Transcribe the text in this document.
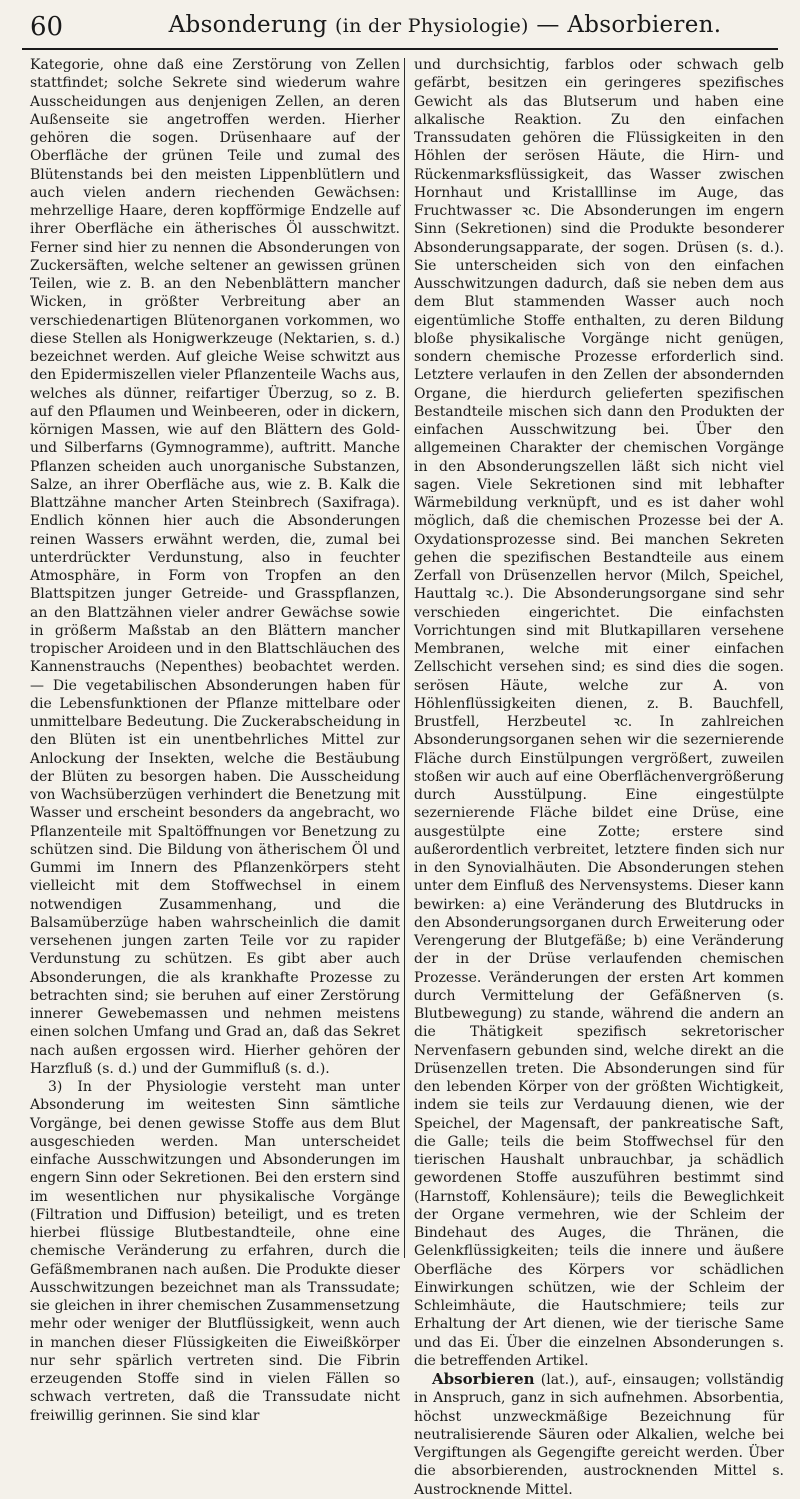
60	Absonderung (in der Physiologie) — Absorbieren.

Kategorie, ohne daß eine Zerstörung von Zellen stattfindet; solche Sekrete sind wiederum wahre Ausscheidungen aus denjenigen Zellen, an deren Außenseite sie angetroffen werden. Hierher gehören die sogen. Drüsenhaare auf der Oberfläche der grünen Teile und zumal des Blütenstands bei den meisten Lippenblütlern und auch vielen andern riechenden Gewächsen: mehrzellige Haare, deren kopfförmige Endzelle auf ihrer Oberfläche ein ätherisches Öl ausschwitzt. Ferner sind hier zu nennen die Absonderungen von Zuckersäften, welche seltener an gewissen grünen Teilen, wie z. B. an den Nebenblättern mancher Wicken, in größter Verbreitung aber an verschiedenartigen Blütenorganen vorkommen, wo diese Stellen als Honigwerkzeuge (Nektarien, s. d.) bezeichnet werden. Auf gleiche Weise schwitzt aus den Epidermiszellen vieler Pflanzenteile Wachs aus, welches als dünner, reifartiger Überzug, so z. B. auf den Pflaumen und Weinbeeren, oder in dickern, körnigen Massen, wie auf den Blättern des Gold- und Silberfarns (Gymnogramme), auftritt. Manche Pflanzen scheiden auch unorganische Substanzen, Salze, an ihrer Oberfläche aus, wie z. B. Kalk die Blattzähne mancher Arten Steinbrech (Saxifraga). Endlich können hier auch die Absonderungen reinen Wassers erwähnt werden, die, zumal bei unterdrückter Verdunstung, also in feuchter Atmosphäre, in Form von Tropfen an den Blattspitzen junger Getreide- und Grasspflanzen, an den Blattzähnen vieler andrer Gewächse sowie in größerm Maßstab an den Blättern mancher tropischer Aroideen und in den Blattschläuchen des Kannenstrauchs (Nepenthes) beobachtet werden. — Die vegetabilischen Absonderungen haben für die Lebensfunktionen der Pflanze mittelbare oder unmittelbare Bedeutung. Die Zuckerabscheidung in den Blüten ist ein unentbehrliches Mittel zur Anlockung der Insekten, welche die Bestäubung der Blüten zu besorgen haben. Die Ausscheidung von Wachsüberzügen verhindert die Benetzung mit Wasser und erscheint besonders da angebracht, wo Pflanzenteile mit Spaltöffnungen vor Benetzung zu schützen sind. Die Bildung von ätherischem Öl und Gummi im Innern des Pflanzenkörpers steht vielleicht mit dem Stoffwechsel in einem notwendigen Zusammenhang, und die Balsamüberzüge haben wahrscheinlich die damit versehenen jungen zarten Teile vor zu rapider Verdunstung zu schützen. Es gibt aber auch Absonderungen, die als krankhafte Prozesse zu betrachten sind; sie beruhen auf einer Zerstörung innerer Gewebemassen und nehmen meistens einen solchen Umfang und Grad an, daß das Sekret nach außen ergossen wird. Hierher gehören der Harzfluß (s. d.) und der Gummifluß (s. d.).

3) In der Physiologie versteht man unter Absonderung im weitesten Sinn sämtliche Vorgänge, bei denen gewisse Stoffe aus dem Blut ausgeschieden werden. Man unterscheidet einfache Ausschwitzungen und Absonderungen im engern Sinn oder Sekretionen. Bei den erstern sind im wesentlichen nur physikalische Vorgänge (Filtration und Diffusion) beteiligt, und es treten hierbei flüssige Blutbestandteile, ohne eine chemische Veränderung zu erfahren, durch die Gefäßmembranen nach außen. Die Produkte dieser Ausschwitzungen bezeichnet man als Transsudate; sie gleichen in ihrer chemischen Zusammensetzung mehr oder weniger der Blutflüssigkeit, wenn auch in manchen dieser Flüssigkeiten die Eiweißkörper nur sehr spärlich vertreten sind. Die Fibrin erzeugenden Stoffe sind in vielen Fällen so schwach vertreten, daß die Transsudate nicht freiwillig gerinnen. Sie sind klar

und durchsichtig, farblos oder schwach gelb gefärbt, besitzen ein geringeres spezifisches Gewicht als das Blutserum und haben eine alkalische Reaktion. Zu den einfachen Transsudaten gehören die Flüssigkeiten in den Höhlen der serösen Häute, die Hirn- und Rückenmarksflüssigkeit, das Wasser zwischen Hornhaut und Kristalllinse im Auge, das Fruchtwasser ꝛc. Die Absonderungen im engern Sinn (Sekretionen) sind die Produkte besonderer Absonderungsapparate, der sogen. Drüsen (s. d.). Sie unterscheiden sich von den einfachen Ausschwitzungen dadurch, daß sie neben dem aus dem Blut stammenden Wasser auch noch eigentümliche Stoffe enthalten, zu deren Bildung bloße physikalische Vorgänge nicht genügen, sondern chemische Prozesse erforderlich sind. Letztere verlaufen in den Zellen der absondernden Organe, die hierdurch gelieferten spezifischen Bestandteile mischen sich dann den Produkten der einfachen Ausschwitzung bei. Über den allgemeinen Charakter der chemischen Vorgänge in den Absonderungszellen läßt sich nicht viel sagen. Viele Sekretionen sind mit lebhafter Wärmebildung verknüpft, und es ist daher wohl möglich, daß die chemischen Prozesse bei der A. Oxydationsprozesse sind. Bei manchen Sekreten gehen die spezifischen Bestandteile aus einem Zerfall von Drüsenzellen hervor (Milch, Speichel, Hauttalg ꝛc.). Die Absonderungsorgane sind sehr verschieden eingerichtet. Die einfachsten Vorrichtungen sind mit Blutkapillaren versehene Membranen, welche mit einer einfachen Zellschicht versehen sind; es sind dies die sogen. serösen Häute, welche zur A. von Höhlenflüssigkeiten dienen, z. B. Bauchfell, Brustfell, Herzbeutel ꝛc. In zahlreichen Absonderungsorganen sehen wir die sezernierende Fläche durch Einstülpungen vergrößert, zuweilen stoßen wir auch auf eine Oberflächenvergrößerung durch Ausstülpung. Eine eingestülpte sezernierende Fläche bildet eine Drüse, eine ausgestülpte eine Zotte; erstere sind außerordentlich verbreitet, letztere finden sich nur in den Synovialhäuten. Die Absonderungen stehen unter dem Einfluß des Nervensystems. Dieser kann bewirken: a) eine Veränderung des Blutdrucks in den Absonderungsorganen durch Erweiterung oder Verengerung der Blutgefäße; b) eine Veränderung der in der Drüse verlaufenden chemischen Prozesse. Veränderungen der ersten Art kommen durch Vermittelung der Gefäßnerven (s. Blutbewegung) zu stande, während die andern an die Thätigkeit spezifisch sekretorischer Nervenfasern gebunden sind, welche direkt an die Drüsenzellen treten. Die Absonderungen sind für den lebenden Körper von der größten Wichtigkeit, indem sie teils zur Verdauung dienen, wie der Speichel, der Magensaft, der pankreatische Saft, die Galle; teils die beim Stoffwechsel für den tierischen Haushalt unbrauchbar, ja schädlich gewordenen Stoffe auszuführen bestimmt sind (Harnstoff, Kohlensäure); teils die Beweglichkeit der Organe vermehren, wie der Schleim der Bindehaut des Auges, die Thränen, die Gelenkflüssigkeiten; teils die innere und äußere Oberfläche des Körpers vor schädlichen Einwirkungen schützen, wie der Schleim der Schleimhäute, die Hautschmiere; teils zur Erhaltung der Art dienen, wie der tierische Same und das Ei. Über die einzelnen Absonderungen s. die betreffenden Artikel.

Absorbieren (lat.), auf-, einsaugen; vollständig in Anspruch, ganz in sich aufnehmen. Absorbentia, höchst unzweckmäßige Bezeichnung für neutralisierende Säuren oder Alkalien, welche bei Vergiftungen als Gegengifte gereicht werden. Über die absorbierenden, austrocknenden Mittel s. Austrocknende Mittel.
